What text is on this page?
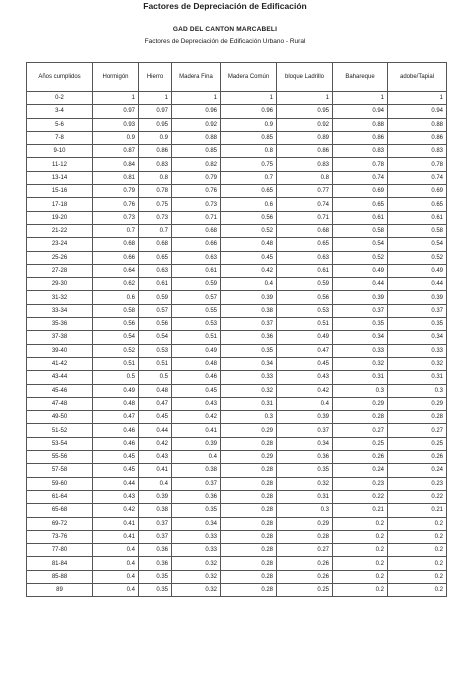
Factores de Depreciación de Edificación
GAD DEL CANTON MARCABELI
Factores de Depreciación de Edificación Urbano - Rural
Años cumplidos	Hormigón	Hierro	Madera Fina	Madera Común	bloque Ladrillo	Bahareque	adobe/Tapial
0-2	1	1	1	1	1	1	1
3-4	0.97	0.97	0.96	0.96	0.95	0.94	0.94
5-6	0.93	0.95	0.92	0.9	0.92	0.88	0.88
7-8	0.9	0.9	0.88	0.85	0.89	0.86	0.86
9-10	0.87	0.86	0.85	0.8	0.86	0.83	0.83
11-12	0.84	0.83	0.82	0.75	0.83	0.78	0.78
13-14	0.81	0.8	0.79	0.7	0.8	0.74	0.74
15-16	0.79	0.78	0.76	0.65	0.77	0.69	0.69
17-18	0.76	0.75	0.73	0.6	0.74	0.65	0.65
19-20	0.73	0.73	0.71	0.56	0.71	0.61	0.61
21-22	0.7	0.7	0.68	0.52	0.68	0.58	0.58
23-24	0.68	0.68	0.66	0.48	0.65	0.54	0.54
25-26	0.66	0.65	0.63	0.45	0.63	0.52	0.52
27-28	0.64	0.63	0.61	0.42	0.61	0.49	0.49
29-30	0.62	0.61	0.59	0.4	0.59	0.44	0.44
31-32	0.6	0.59	0.57	0.39	0.56	0.39	0.39
33-34	0.58	0.57	0.55	0.38	0.53	0.37	0.37
35-36	0.56	0.56	0.53	0.37	0.51	0.35	0.35
37-38	0.54	0.54	0.51	0.36	0.49	0.34	0.34
39-40	0.52	0.53	0.49	0.35	0.47	0.33	0.33
41-42	0.51	0.51	0.48	0.34	0.45	0.32	0.32
43-44	0.5	0.5	0.46	0.33	0.43	0.31	0.31
45-46	0.49	0.48	0.45	0.32	0.42	0.3	0.3
47-48	0.48	0.47	0.43	0.31	0.4	0.29	0.29
49-50	0.47	0.45	0.42	0.3	0.39	0.28	0.28
51-52	0.46	0.44	0.41	0.29	0.37	0.27	0.27
53-54	0.46	0.42	0.39	0.28	0.34	0.25	0.25
55-56	0.45	0.43	0.4	0.29	0.36	0.26	0.26
57-58	0.45	0.41	0.38	0.28	0.35	0.24	0.24
59-60	0.44	0.4	0.37	0.28	0.32	0.23	0.23
61-64	0.43	0.39	0.36	0.28	0.31	0.22	0.22
65-68	0.42	0.38	0.35	0.28	0.3	0.21	0.21
69-72	0.41	0.37	0.34	0.28	0.29	0.2	0.2
73-76	0.41	0.37	0.33	0.28	0.28	0.2	0.2
77-80	0.4	0.36	0.33	0.28	0.27	0.2	0.2
81-84	0.4	0.36	0.32	0.28	0.26	0.2	0.2
85-88	0.4	0.35	0.32	0.28	0.26	0.2	0.2
89	0.4	0.35	0.32	0.28	0.25	0.2	0.2
